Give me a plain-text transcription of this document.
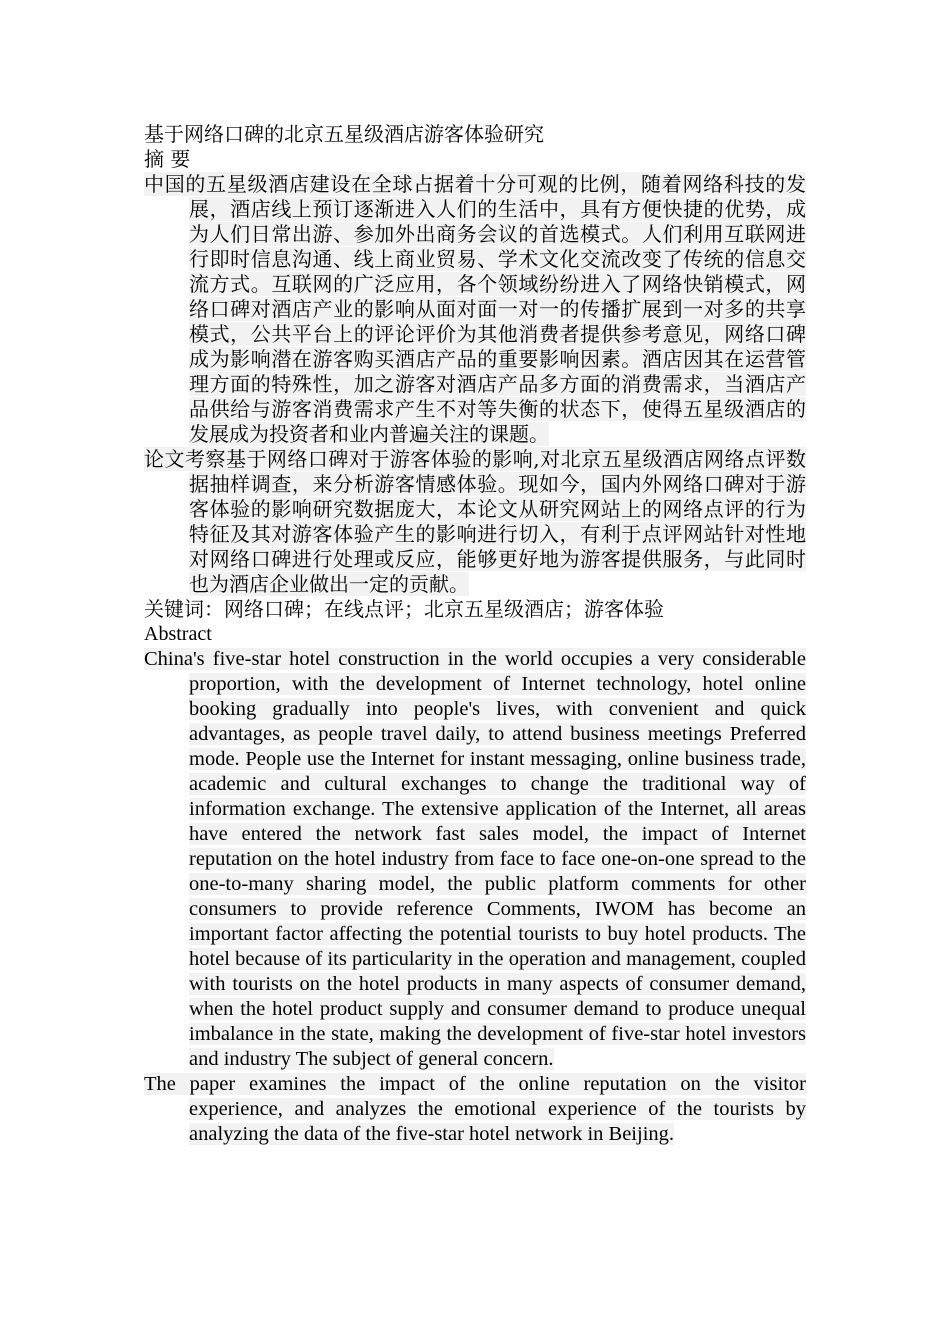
基于网络口碑的北京五星级酒店游客体验研究

摘 要

中国的五星级酒店建设在全球占据着十分可观的比例，随着网络科技的发展，酒店线上预订逐渐进入人们的生活中，具有方便快捷的优势，成为人们日常出游、参加外出商务会议的首选模式。人们利用互联网进行即时信息沟通、线上商业贸易、学术文化交流改变了传统的信息交流方式。互联网的广泛应用，各个领域纷纷进入了网络快销模式，网络口碑对酒店产业的影响从面对面一对一的传播扩展到一对多的共享模式，公共平台上的评论评价为其他消费者提供参考意见，网络口碑成为影响潜在游客购买酒店产品的重要影响因素。酒店因其在运营管理方面的特殊性，加之游客对酒店产品多方面的消费需求，当酒店产品供给与游客消费需求产生不对等失衡的状态下，使得五星级酒店的发展成为投资者和业内普遍关注的课题。

论文考察基于网络口碑对于游客体验的影响,对北京五星级酒店网络点评数据抽样调查，来分析游客情感体验。现如今，国内外网络口碑对于游客体验的影响研究数据庞大，本论文从研究网站上的网络点评的行为特征及其对游客体验产生的影响进行切入，有利于点评网站针对性地对网络口碑进行处理或反应，能够更好地为游客提供服务，与此同时也为酒店企业做出一定的贡献。

关键词：网络口碑；在线点评；北京五星级酒店；游客体验

Abstract

China's five-star hotel construction in the world occupies a very considerable proportion, with the development of Internet technology, hotel online booking gradually into people's lives, with convenient and quick advantages, as people travel daily, to attend business meetings Preferred mode. People use the Internet for instant messaging, online business trade, academic and cultural exchanges to change the traditional way of information exchange. The extensive application of the Internet, all areas have entered the network fast sales model, the impact of Internet reputation on the hotel industry from face to face one-on-one spread to the one-to-many sharing model, the public platform comments for other consumers to provide reference Comments, IWOM has become an important factor affecting the potential tourists to buy hotel products. The hotel because of its particularity in the operation and management, coupled with tourists on the hotel products in many aspects of consumer demand, when the hotel product supply and consumer demand to produce unequal imbalance in the state, making the development of five-star hotel investors and industry The subject of general concern.

The paper examines the impact of the online reputation on the visitor experience, and analyzes the emotional experience of the tourists by analyzing the data of the five-star hotel network in Beijing.
